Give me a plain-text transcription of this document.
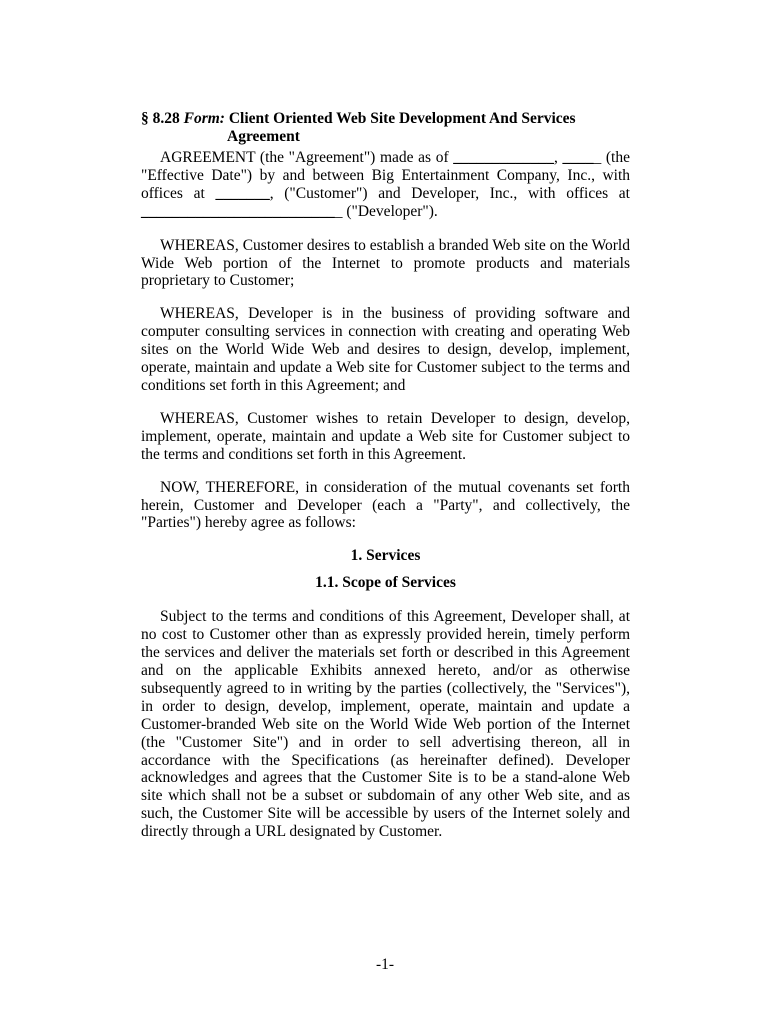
§ 8.28 Form: Client Oriented Web Site Development And Services
Agreement

AGREEMENT (the "Agreement") made as of _____________, _____ (the "Effective Date") by and between Big Entertainment Company, Inc., with offices at _______, ("Customer") and Developer, Inc., with offices at __________________________ ("Developer").

WHEREAS, Customer desires to establish a branded Web site on the World Wide Web portion of the Internet to promote products and materials proprietary to Customer;

WHEREAS, Developer is in the business of providing software and computer consulting services in connection with creating and operating Web sites on the World Wide Web and desires to design, develop, implement, operate, maintain and update a Web site for Customer subject to the terms and conditions set forth in this Agreement; and

WHEREAS, Customer wishes to retain Developer to design, develop, implement, operate, maintain and update a Web site for Customer subject to the terms and conditions set forth in this Agreement.

NOW, THEREFORE, in consideration of the mutual covenants set forth herein, Customer and Developer (each a "Party", and collectively, the "Parties") hereby agree as follows:

1. Services

1.1. Scope of Services

Subject to the terms and conditions of this Agreement, Developer shall, at no cost to Customer other than as expressly provided herein, timely perform the services and deliver the materials set forth or described in this Agreement and on the applicable Exhibits annexed hereto, and/or as otherwise subsequently agreed to in writing by the parties (collectively, the "Services"), in order to design, develop, implement, operate, maintain and update a Customer-branded Web site on the World Wide Web portion of the Internet (the "Customer Site") and in order to sell advertising thereon, all in accordance with the Specifications (as hereinafter defined). Developer acknowledges and agrees that the Customer Site is to be a stand-alone Web site which shall not be a subset or subdomain of any other Web site, and as such, the Customer Site will be accessible by users of the Internet solely and directly through a URL designated by Customer.

-1-
